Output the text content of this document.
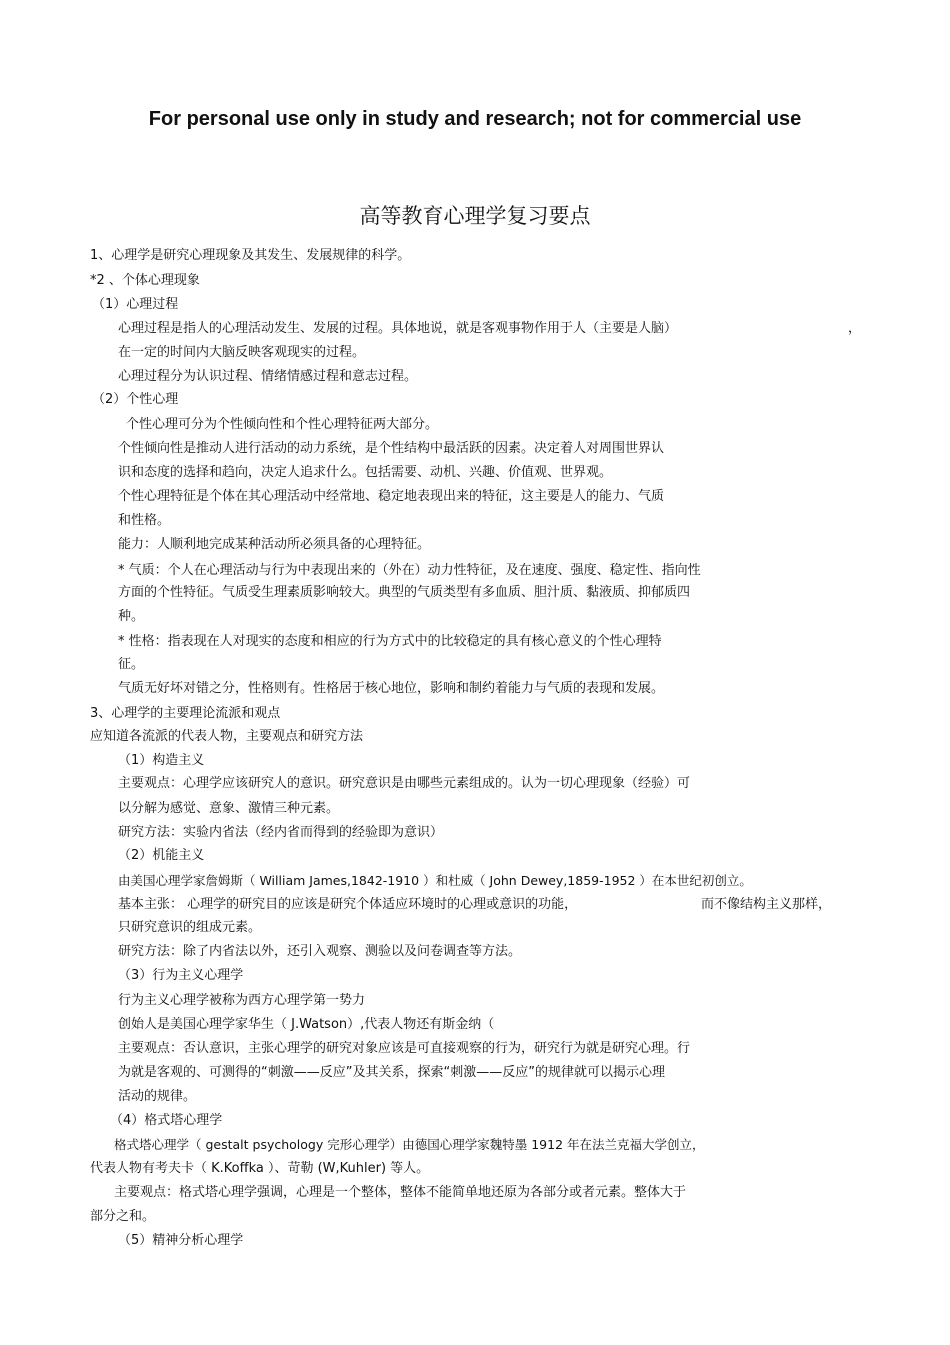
For personal use only in study and research; not for commercial use
高等教育心理学复习要点
1、心理学是研究心理现象及其发生、发展规律的科学。
*2 、个体心理现象
（1）心理过程
心理过程是指人的心理活动发生、发展的过程。具体地说，就是客观事物作用于人（主要是人脑）	，
在一定的时间内大脑反映客观现实的过程。
心理过程分为认识过程、情绪情感过程和意志过程。
（2）个性心理
个性心理可分为个性倾向性和个性心理特征两大部分。
个性倾向性是推动人进行活动的动力系统，是个性结构中最活跃的因素。决定着人对周围世界认
识和态度的选择和趋向，决定人追求什么。包括需要、动机、兴趣、价值观、世界观。
个性心理特征是个体在其心理活动中经常地、稳定地表现出来的特征，这主要是人的能力、气质
和性格。
能力：人顺利地完成某种活动所必须具备的心理特征。
* 气质：个人在心理活动与行为中表现出来的（外在）动力性特征，及在速度、强度、稳定性、指向性
方面的个性特征。气质受生理素质影响较大。典型的气质类型有多血质、胆汁质、黏液质、抑郁质四
种。
* 性格：指表现在人对现实的态度和相应的行为方式中的比较稳定的具有核心意义的个性心理特
征。
气质无好坏对错之分，性格则有。性格居于核心地位，影响和制约着能力与气质的表现和发展。
3、心理学的主要理论流派和观点
应知道各流派的代表人物，主要观点和研究方法
（1）构造主义
主要观点：心理学应该研究人的意识。研究意识是由哪些元素组成的。认为一切心理现象（经验）可
以分解为感觉、意象、激情三种元素。
研究方法：实验内省法（经内省而得到的经验即为意识）
（2）机能主义
由美国心理学家詹姆斯（ William James,1842-1910 ）和杜威（ John Dewey,1859-1952 ）在本世纪初创立。
基本主张： 心理学的研究目的应该是研究个体适应环境时的心理或意识的功能，	而不像结构主义那样，
只研究意识的组成元素。
研究方法：除了内省法以外，还引入观察、测验以及问卷调查等方法。
（3）行为主义心理学
行为主义心理学被称为西方心理学第一势力
创始人是美国心理学家华生（ J.Watson）,代表人物还有斯金纳（
主要观点：否认意识，主张心理学的研究对象应该是可直接观察的行为，研究行为就是研究心理。行
为就是客观的、可测得的“刺激——反应”及其关系，探索“刺激——反应”的规律就可以揭示心理
活动的规律。
（4）格式塔心理学
格式塔心理学（ gestalt psychology 完形心理学）由德国心理学家魏特墨 1912 年在法兰克福大学创立，
代表人物有考夫卡（ K.Koffka ）、苛勒 (W,Kuhler) 等人。
主要观点：格式塔心理学强调，心理是一个整体，整体不能简单地还原为各部分或者元素。整体大于
部分之和。
（5）精神分析心理学
